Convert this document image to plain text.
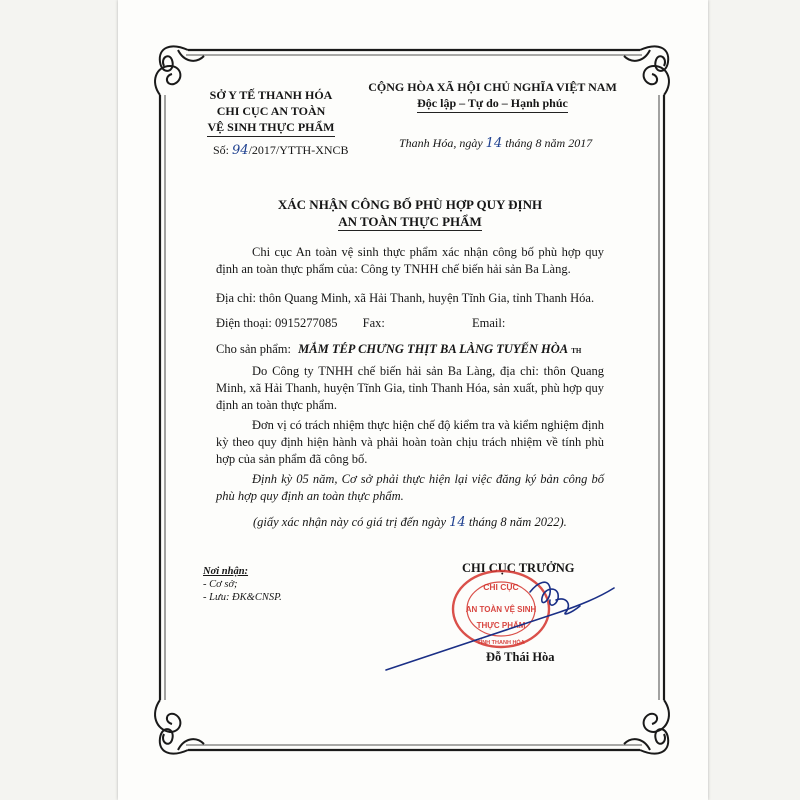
SỞ Y TẾ THANH HÓA
CHI CỤC AN TOÀN
VỆ SINH THỰC PHẨM
Số: 94/2017/YTTH-XNCB
CỘNG HÒA XÃ HỘI CHỦ NGHĨA VIỆT NAM
Độc lập – Tự do – Hạnh phúc
Thanh Hóa, ngày 14 tháng 8 năm 2017
XÁC NHẬN CÔNG BỐ PHÙ HỢP QUY ĐỊNH
AN TOÀN THỰC PHẨM
Chi cục An toàn vệ sinh thực phẩm xác nhận công bố phù hợp quy định an toàn thực phẩm của: Công ty TNHH chế biến hải sản Ba Làng.
Địa chỉ: thôn Quang Minh, xã Hải Thanh, huyện Tĩnh Gia, tỉnh Thanh Hóa.
Điện thoại: 0915277085 Fax:	Email:
Cho sản phẩm: MẮM TÉP CHƯNG THỊT BA LÀNG TUYẾN HÒA TH
Do Công ty TNHH chế biến hải sản Ba Làng, địa chỉ: thôn Quang Minh, xã Hải Thanh, huyện Tĩnh Gia, tỉnh Thanh Hóa, sản xuất, phù hợp quy định an toàn thực phẩm.
Đơn vị có trách nhiệm thực hiện chế độ kiểm tra và kiểm nghiệm định kỳ theo quy định hiện hành và phải hoàn toàn chịu trách nhiệm về tính phù hợp của sản phẩm đã công bố.
Định kỳ 05 năm, Cơ sở phải thực hiện lại việc đăng ký bản công bố phù hợp quy định an toàn thực phẩm.
(giấy xác nhận này có giá trị đến ngày 14 tháng 8 năm 2022).
Nơi nhận:
- Cơ sở;
- Lưu: ĐK&CNSP.
CHI CỤC TRƯỞNG
CHI CỤC
AN TOÀN VỆ SINH
THỰC PHẨM
TỈNH THANH HÓA
Đỗ Thái Hòa
